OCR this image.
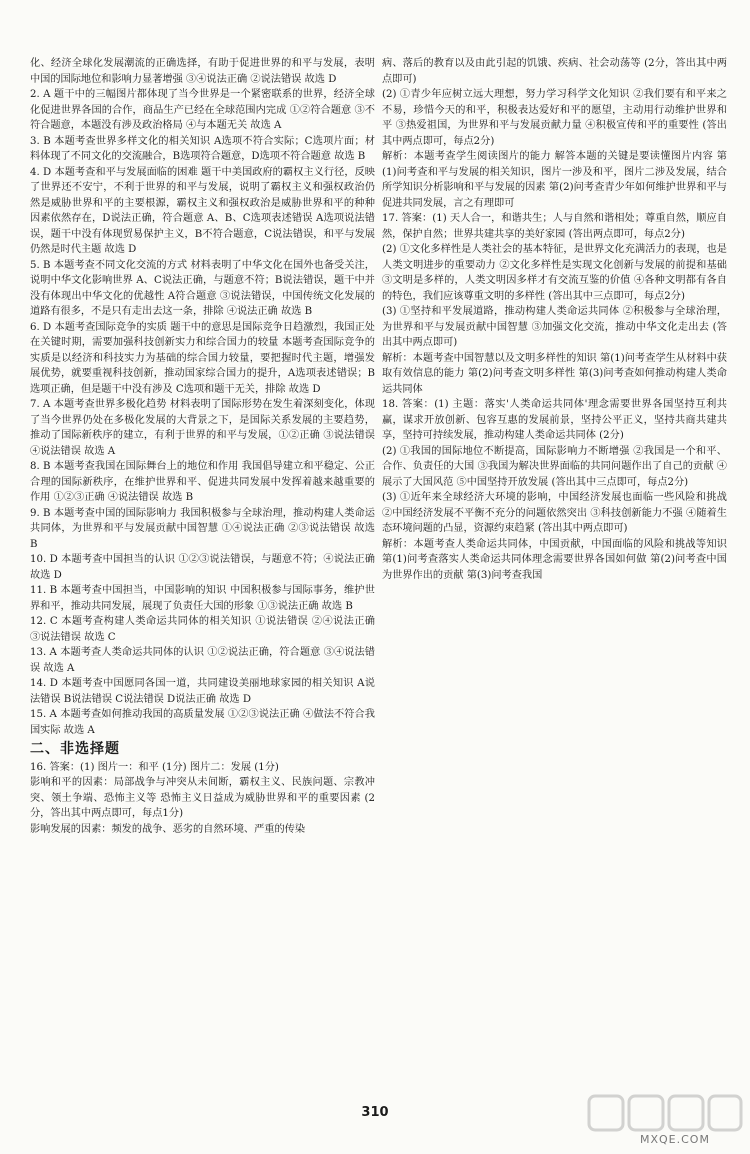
化、经济全球化发展潮流的正确选择，有助于促进世界的和平与发展，表明中国的国际地位和影响力显著增强 ③④说法正确 ②说法错误 故选 D

2. A 题干中的三幅图片都体现了当今世界是一个紧密联系的世界，经济全球化促进世界各国的合作，商品生产已经在全球范围内完成 ①②符合题意 ③不符合题意，本题没有涉及政治格局 ④与本题无关 故选 A

3. B 本题考查世界多样文化的相关知识 A选项不符合实际；C选项片面；材料体现了不同文化的交流融合，B选项符合题意，D选项不符合题意 故选 B

4. D 本题考查和平与发展面临的困难 题干中美国政府的霸权主义行径，反映了世界还不安宁，不利于世界的和平与发展，说明了霸权主义和强权政治仍然是威胁世界和平的主要根源，霸权主义和强权政治是威胁世界和平的种种因素依然存在，D说法正确，符合题意 A、B、C选项表述错误 A选项说法错误，题干中没有体现贸易保护主义，B不符合题意，C说法错误，和平与发展仍然是时代主题 故选 D

5. B 本题考查不同文化交流的方式 材料表明了中华文化在国外也备受关注，说明中华文化影响世界 A、C说法正确，与题意不符；B说法错误，题干中并没有体现出中华文化的优越性 A符合题意 ③说法错误，中国传统文化发展的道路有很多，不是只有走出去这一条，排除 ④说法正确 故选 B

6. D 本题考查国际竞争的实质 题干中的意思是国际竞争日趋激烈，我国正处在关键时期，需要加强科技创新实力和综合国力的较量 本题考查国际竞争的实质是以经济和科技实力为基础的综合国力较量，要把握时代主题，增强发展优势，就要重视科技创新，推动国家综合国力的提升，A选项表述错误；B选项正确，但是题干中没有涉及 C选项和题干无关，排除 故选 D

7. A 本题考查世界多极化趋势 材料表明了国际形势在发生着深刻变化，体现了当今世界仍处在多极化发展的大背景之下，是国际关系发展的主要趋势，推动了国际新秩序的建立，有利于世界的和平与发展，①②正确 ③说法错误 ④说法错误 故选 A

8. B 本题考查我国在国际舞台上的地位和作用 我国倡导建立和平稳定、公正合理的国际新秩序，在维护世界和平、促进共同发展中发挥着越来越重要的作用 ①②③正确 ④说法错误 故选 B

9. B 本题考查中国的国际影响力 我国积极参与全球治理，推动构建人类命运共同体，为世界和平与发展贡献中国智慧 ①④说法正确 ②③说法错误 故选 B

10. D 本题考查中国担当的认识 ①②③说法错误，与题意不符；④说法正确 故选 D

11. B 本题考查中国担当，中国影响的知识 中国积极参与国际事务，维护世界和平，推动共同发展，展现了负责任大国的形象 ①③说法正确 故选 B

12. C 本题考查构建人类命运共同体的相关知识 ①说法错误 ②④说法正确 ③说法错误 故选 C

13. A 本题考查人类命运共同体的认识 ①②说法正确，符合题意 ③④说法错误 故选 A

14. D 本题考查中国愿同各国一道，共同建设美丽地球家园的相关知识 A说法错误 B说法错误 C说法错误 D说法正确 故选 D

15. A 本题考查如何推动我国的高质量发展 ①②③说法正确 ④做法不符合我国实际 故选 A

二、非选择题

16. 答案：(1) 图片一：和平 (1分) 图片二：发展 (1分)

影响和平的因素：局部战争与冲突从未间断，霸权主义、民族问题、宗教冲突、领土争端、恐怖主义等 恐怖主义日益成为威胁世界和平的重要因素 (2分，答出其中两点即可，每点1分)

影响发展的因素：频发的战争、恶劣的自然环境、严重的传染

病、落后的教育以及由此引起的饥饿、疾病、社会动荡等 (2分，答出其中两点即可)

(2) ①青少年应树立远大理想，努力学习科学文化知识 ②我们要有和平来之不易，珍惜今天的和平，积极表达爱好和平的愿望，主动用行动维护世界和平 ③热爱祖国，为世界和平与发展贡献力量 ④积极宣传和平的重要性 (答出其中两点即可，每点2分)

解析：本题考查学生阅读图片的能力 解答本题的关键是要读懂图片内容 第(1)问考查和平与发展的相关知识，图片一涉及和平，图片二涉及发展，结合所学知识分析影响和平与发展的因素 第(2)问考查青少年如何维护世界和平与促进共同发展，言之有理即可

17. 答案：(1) 天人合一，和谐共生；人与自然和谐相处；尊重自然，顺应自然，保护自然；世界共建共享的美好家园 (答出两点即可，每点2分)

(2) ①文化多样性是人类社会的基本特征，是世界文化充满活力的表现，也是人类文明进步的重要动力 ②文化多样性是实现文化创新与发展的前提和基础 ③文明是多样的，人类文明因多样才有交流互鉴的价值 ④各种文明都有各自的特色，我们应该尊重文明的多样性 (答出其中三点即可，每点2分)

(3) ①坚持和平发展道路，推动构建人类命运共同体 ②积极参与全球治理，为世界和平与发展贡献中国智慧 ③加强文化交流，推动中华文化走出去 (答出其中两点即可)

解析：本题考查中国智慧以及文明多样性的知识 第(1)问考查学生从材料中获取有效信息的能力 第(2)问考查文明多样性 第(3)问考查如何推动构建人类命运共同体

18. 答案：(1) 主题：落实'人类命运共同体'理念需要世界各国坚持互利共赢，谋求开放创新、包容互惠的发展前景，坚持公平正义，坚持共商共建共享，坚持可持续发展，推动构建人类命运共同体 (2分)

(2) ①我国的国际地位不断提高，国际影响力不断增强 ②我国是一个和平、合作、负责任的大国 ③我国为解决世界面临的共同问题作出了自己的贡献 ④展示了大国风范 ⑤中国坚持开放发展 (答出其中三点即可，每点2分)

(3) ①近年来全球经济大环境的影响，中国经济发展也面临一些风险和挑战 ②中国经济发展不平衡不充分的问题依然突出 ③科技创新能力不强 ④随着生态环境问题的凸显，资源约束趋紧 (答出其中两点即可)

解析：本题考查人类命运共同体，中国贡献，中国面临的风险和挑战等知识 第(1)问考查落实人类命运共同体理念需要世界各国如何做 第(2)问考查中国为世界作出的贡献 第(3)问考查我国

310
MXQE.COM
